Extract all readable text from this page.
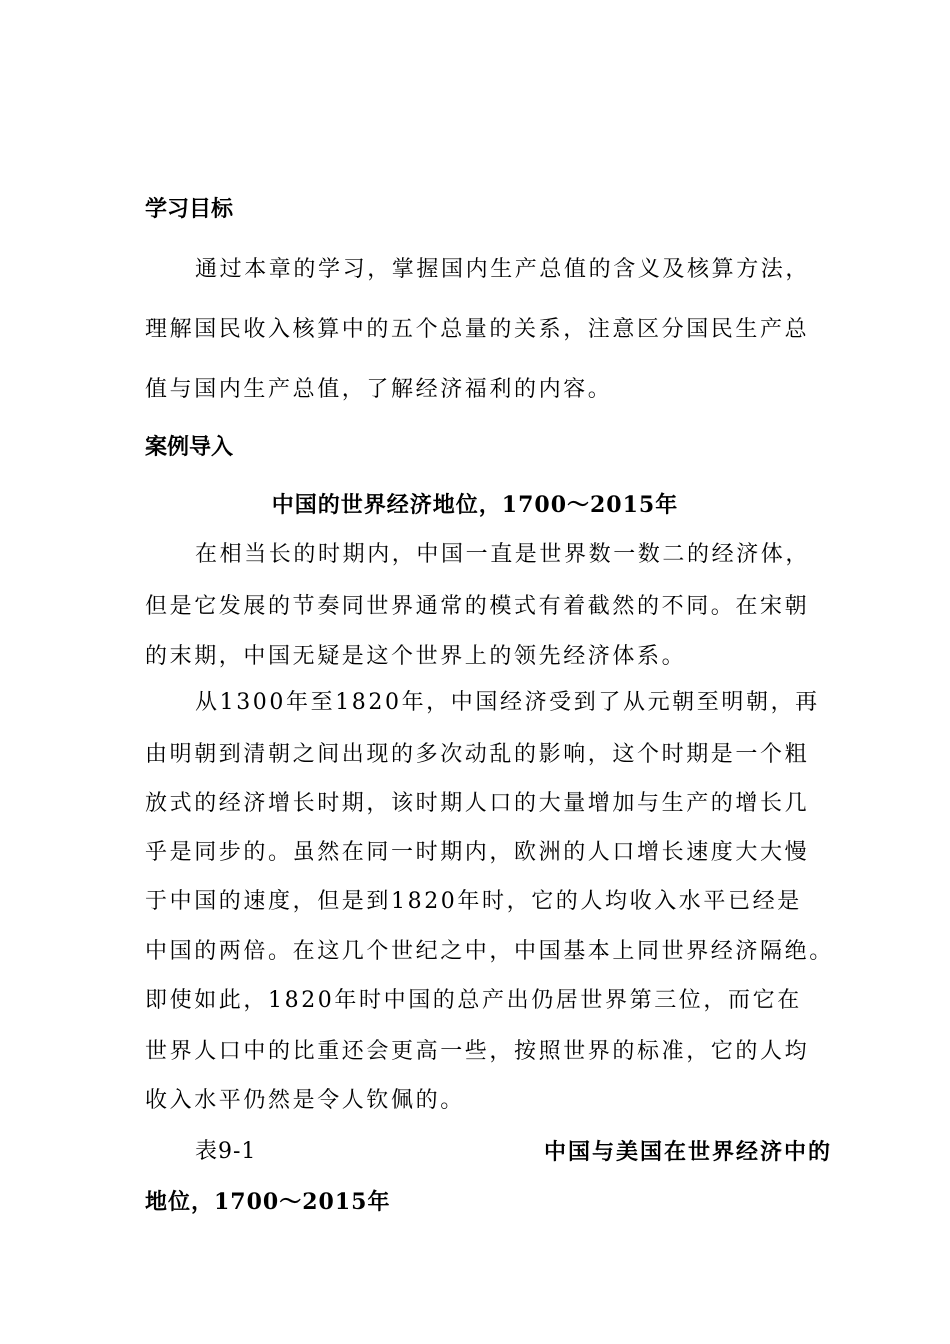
学习目标
通过本章的学习，掌握国内生产总值的含义及核算方法，
理解国民收入核算中的五个总量的关系，注意区分国民生产总
值与国内生产总值，了解经济福利的内容。
案例导入
中国的世界经济地位，1700～2015年
在相当长的时期内，中国一直是世界数一数二的经济体，
但是它发展的节奏同世界通常的模式有着截然的不同。在宋朝
的末期，中国无疑是这个世界上的领先经济体系。
从1300年至1820年，中国经济受到了从元朝至明朝，再
由明朝到清朝之间出现的多次动乱的影响，这个时期是一个粗
放式的经济增长时期，该时期人口的大量增加与生产的增长几
乎是同步的。虽然在同一时期内，欧洲的人口增长速度大大慢
于中国的速度，但是到1820年时，它的人均收入水平已经是
中国的两倍。在这几个世纪之中，中国基本上同世界经济隔绝。
即使如此，1820年时中国的总产出仍居世界第三位，而它在
世界人口中的比重还会更高一些，按照世界的标准，它的人均
收入水平仍然是令人钦佩的。
表9-1	中国与美国在世界经济中的
地位，1700～2015年
